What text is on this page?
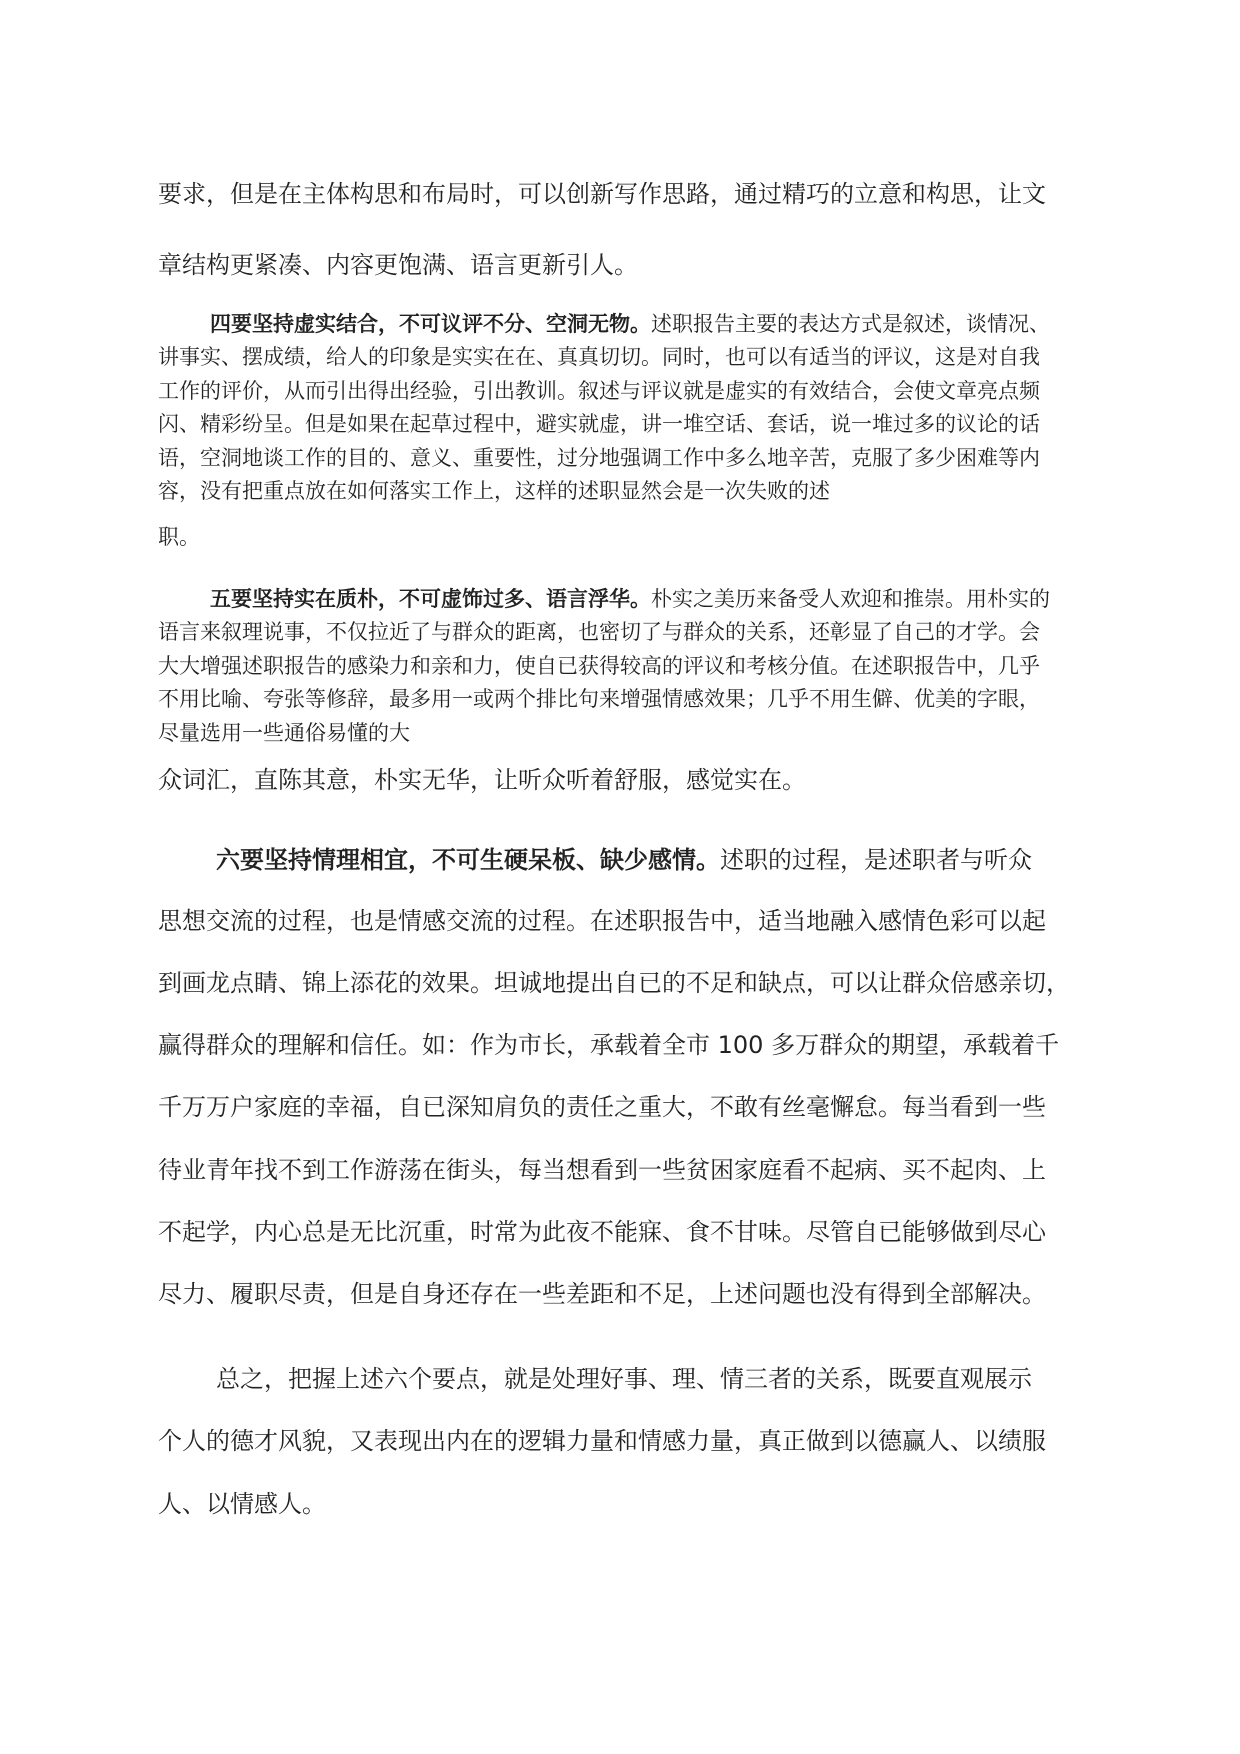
要求，但是在主体构思和布局时，可以创新写作思路，通过精巧的立意和构思，让文

章结构更紧凑、内容更饱满、语言更新引人。

四要坚持虚实结合，不可议评不分、空洞无物。述职报告主要的表达方式是叙述，谈情况、

讲事实、摆成绩，给人的印象是实实在在、真真切切。同时，也可以有适当的评议，这是对自我

工作的评价，从而引出得出经验，引出教训。叙述与评议就是虚实的有效结合，会使文章亮点频

闪、精彩纷呈。但是如果在起草过程中，避实就虚，讲一堆空话、套话，说一堆过多的议论的话

语，空洞地谈工作的目的、意义、重要性，过分地强调工作中多么地辛苦，克服了多少困难等内

容，没有把重点放在如何落实工作上，这样的述职显然会是一次失败的述

职。

五要坚持实在质朴，不可虚饰过多、语言浮华。朴实之美历来备受人欢迎和推崇。用朴实的

语言来叙理说事，不仅拉近了与群众的距离，也密切了与群众的关系，还彰显了自己的才学。会

大大增强述职报告的感染力和亲和力，使自已获得较高的评议和考核分值。在述职报告中，几乎

不用比喻、夸张等修辞，最多用一或两个排比句来增强情感效果；几乎不用生僻、优美的字眼，

尽量选用一些通俗易懂的大

众词汇，直陈其意，朴实无华，让听众听着舒服，感觉实在。

六要坚持情理相宜，不可生硬呆板、缺少感情。述职的过程，是述职者与听众

思想交流的过程，也是情感交流的过程。在述职报告中，适当地融入感情色彩可以起

到画龙点睛、锦上添花的效果。坦诚地提出自已的不足和缺点，可以让群众倍感亲切，

赢得群众的理解和信任。如：作为市长，承载着全市 100 多万群众的期望，承载着千

千万万户家庭的幸福，自已深知肩负的责任之重大，不敢有丝毫懈怠。每当看到一些

待业青年找不到工作游荡在街头，每当想看到一些贫困家庭看不起病、买不起肉、上

不起学，内心总是无比沉重，时常为此夜不能寐、食不甘味。尽管自已能够做到尽心

尽力、履职尽责，但是自身还存在一些差距和不足，上述问题也没有得到全部解决。

总之，把握上述六个要点，就是处理好事、理、情三者的关系，既要直观展示

个人的德才风貌，又表现出内在的逻辑力量和情感力量，真正做到以德赢人、以绩服

人、以情感人。
